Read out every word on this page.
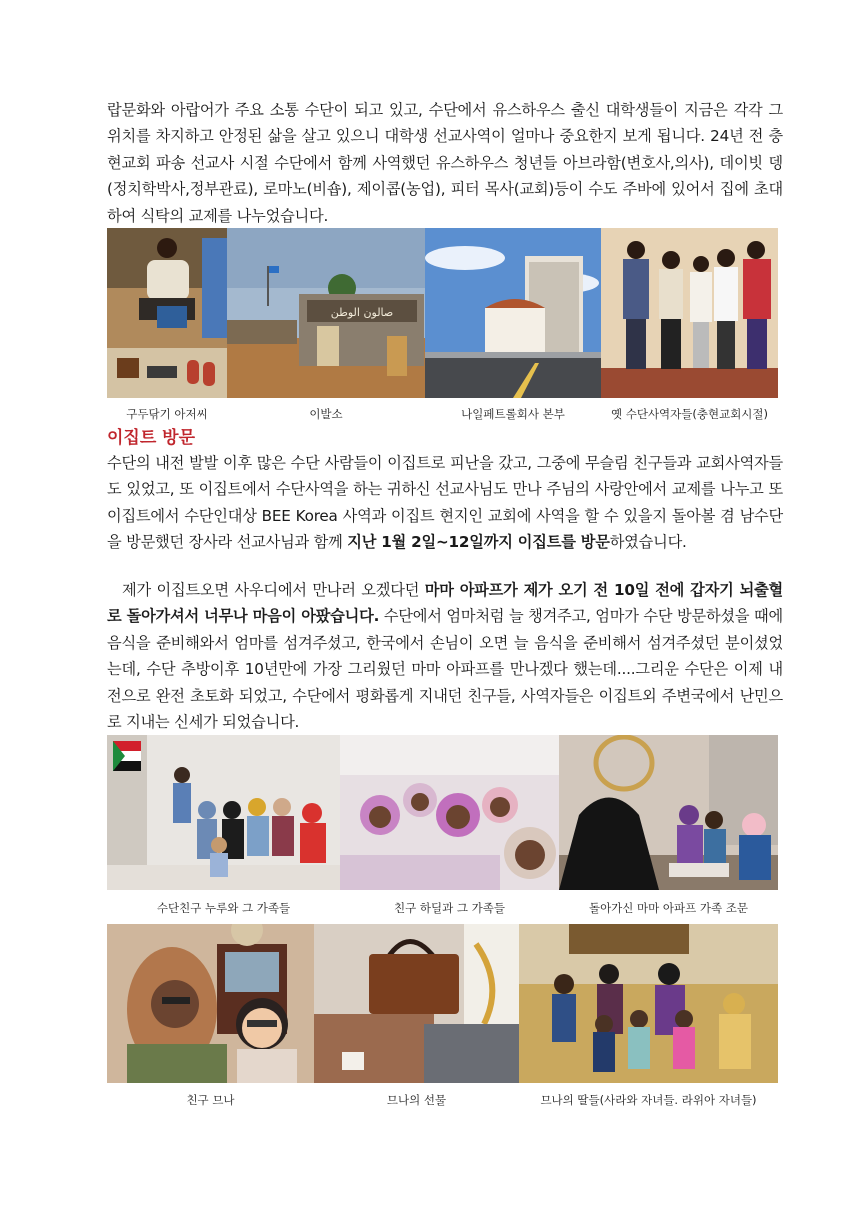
랍문화와 아랍어가 주요 소통 수단이 되고 있고, 수단에서 유스하우스 출신 대학생들이 지금은 각각 그 위치를 차지하고 안정된 삶을 살고 있으니 대학생 선교사역이 얼마나 중요한지 보게 됩니다. 24년 전 충현교회 파송 선교사 시절 수단에서 함께 사역했던 유스하우스 청년들 아브라함(변호사,의사), 데이빗 뎅(정치학박사,정부관료), 로마노(비숍), 제이콥(농업), 피터 목사(교회)등이 수도 주바에 있어서 집에 초대하여 식탁의 교제를 나누었습니다.

صالون الوطن
구두닦기 아저씨	이발소	나일페트롤회사 본부	옛 수단사역자들(충현교회시절)
이집트 방문

수단의 내전 발발 이후 많은 수단 사람들이 이집트로 피난을 갔고, 그중에 무슬림 친구들과 교회사역자들도 있었고, 또 이집트에서 수단사역을 하는 귀하신 선교사님도 만나 주님의 사랑안에서 교제를 나누고 또 이집트에서 수단인대상 BEE Korea 사역과 이집트 현지인 교회에 사역을 할 수 있을지 돌아볼 겸 남수단을 방문했던 장사라 선교사님과 함께 지난 1월 2일~12일까지 이집트를 방문하였습니다.

제가 이집트오면 사우디에서 만나러 오겠다던 마마 아파프가 제가 오기 전 10일 전에 갑자기 뇌출혈로 돌아가셔서 너무나 마음이 아팠습니다. 수단에서 엄마처럼 늘 챙겨주고, 엄마가 수단 방문하셨을 때에 음식을 준비해와서 엄마를 섬겨주셨고, 한국에서 손님이 오면 늘 음식을 준비해서 섬겨주셨던 분이셨었는데, 수단 추방이후 10년만에 가장 그리웠던 마마 아파프를 만나겠다 했는데....그리운 수단은 이제 내전으로 완전 초토화 되었고, 수단에서 평화롭게 지내던 친구들, 사역자들은 이집트외 주변국에서 난민으로 지내는 신세가 되었습니다.

수단친구 누루와 그 가족들	친구 하딜과 그 가족들	돌아가신 마마 아파프 가족 조문
친구 므나	므나의 선물	므나의 딸들(사라와 자녀들. 라위아 자녀들)
